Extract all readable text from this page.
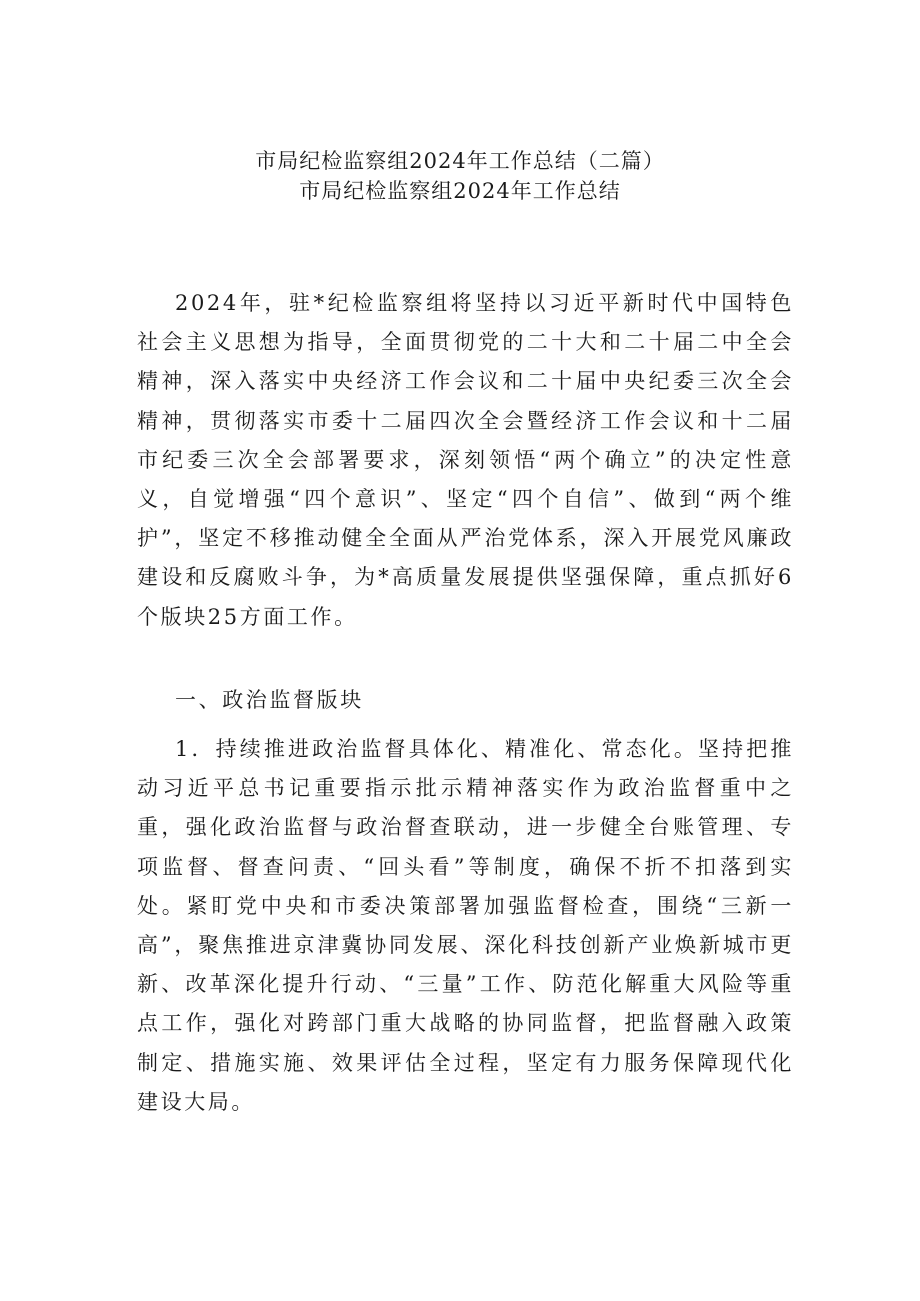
市局纪检监察组2024年工作总结（二篇）
市局纪检监察组2024年工作总结

2024年，驻*纪检监察组将坚持以习近平新时代中国特色社会主义思想为指导，全面贯彻党的二十大和二十届二中全会精神，深入落实中央经济工作会议和二十届中央纪委三次全会精神，贯彻落实市委十二届四次全会暨经济工作会议和十二届市纪委三次全会部署要求，深刻领悟“两个确立”的决定性意义，自觉增强“四个意识”、坚定“四个自信”、做到“两个维护”，坚定不移推动健全全面从严治党体系，深入开展党风廉政建设和反腐败斗争，为*高质量发展提供坚强保障，重点抓好6个版块25方面工作。

一、政治监督版块

1．持续推进政治监督具体化、精准化、常态化。坚持把推动习近平总书记重要指示批示精神落实作为政治监督重中之重，强化政治监督与政治督查联动，进一步健全台账管理、专项监督、督查问责、“回头看”等制度，确保不折不扣落到实处。紧盯党中央和市委决策部署加强监督检查，围绕“三新一高”，聚焦推进京津冀协同发展、深化科技创新产业焕新城市更新、改革深化提升行动、“三量”工作、防范化解重大风险等重点工作，强化对跨部门重大战略的协同监督，把监督融入政策制定、措施实施、效果评估全过程，坚定有力服务保障现代化建设大局。
